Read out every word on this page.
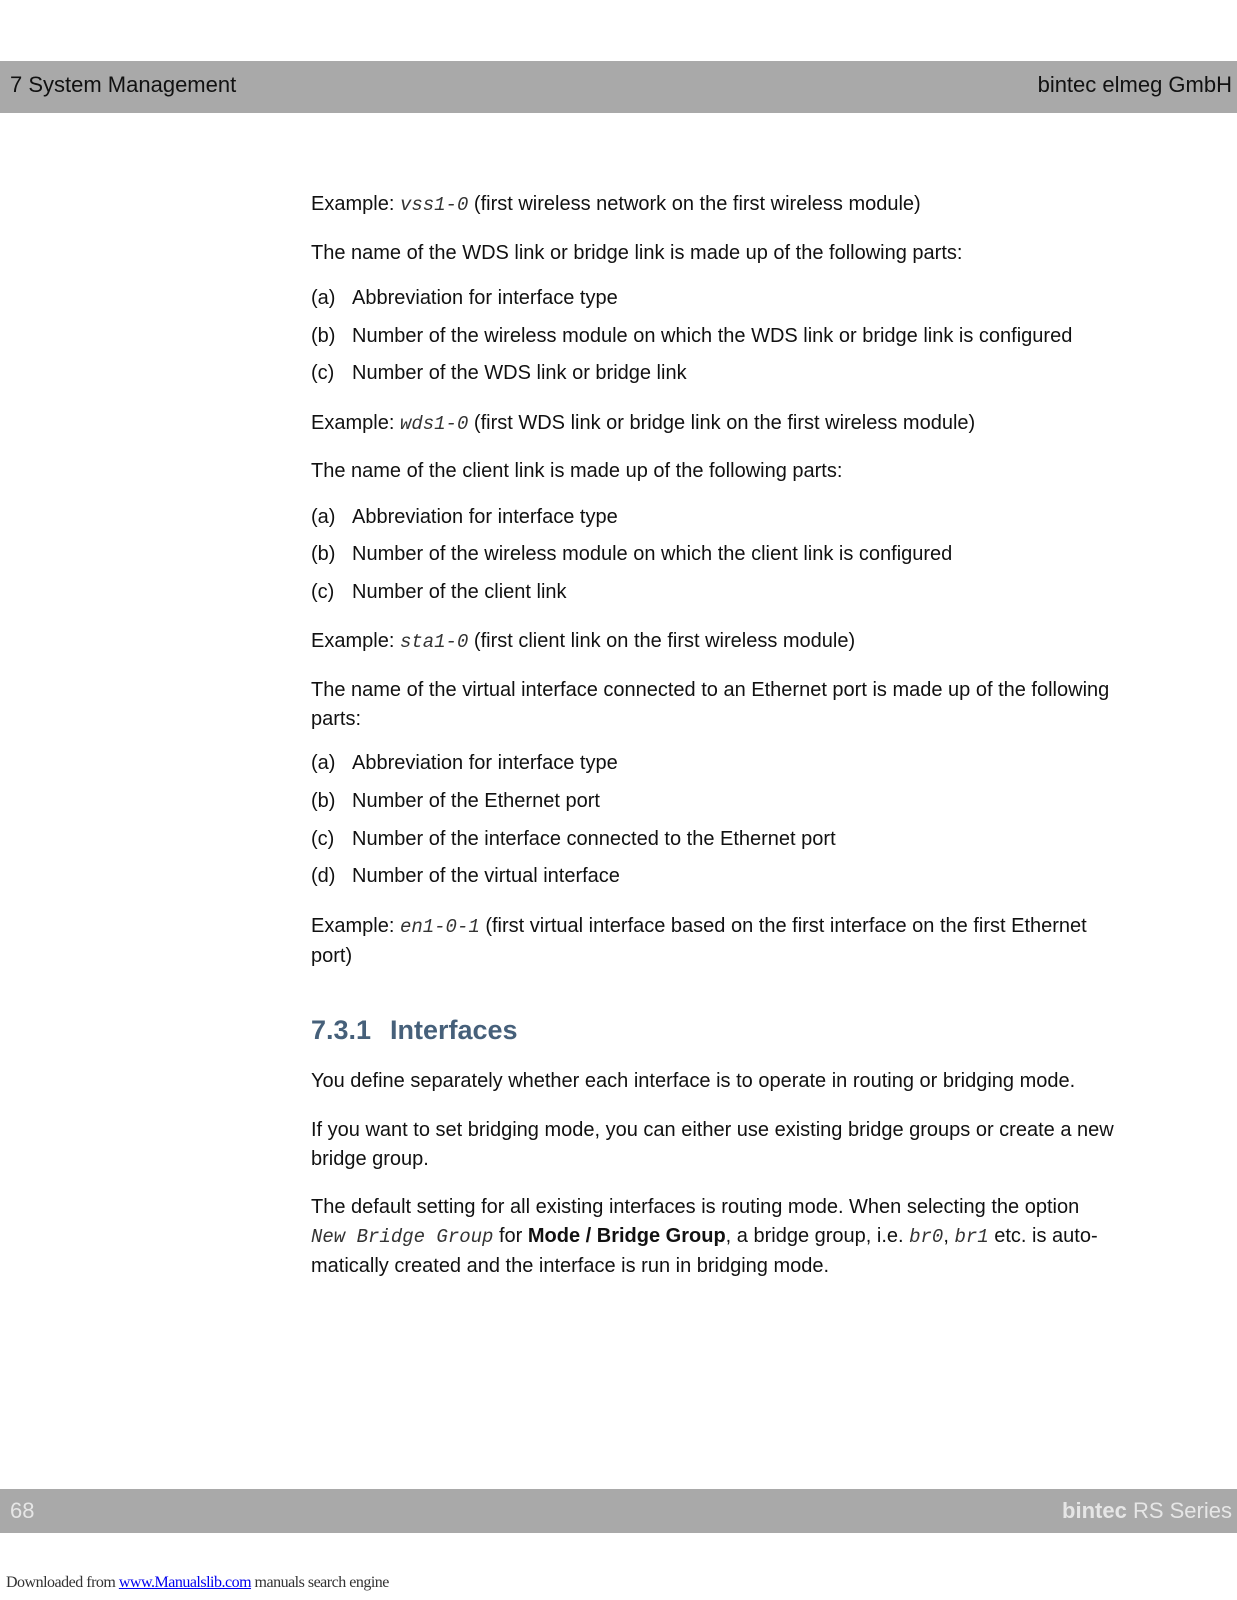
7 System Management	bintec elmeg GmbH
Example: vss1-0 (first wireless network on the first wireless module)
The name of the WDS link or bridge link is made up of the following parts:
(a) Abbreviation for interface type
(b) Number of the wireless module on which the WDS link or bridge link is configured
(c) Number of the WDS link or bridge link
Example: wds1-0 (first WDS link or bridge link on the first wireless module)
The name of the client link is made up of the following parts:
(a) Abbreviation for interface type
(b) Number of the wireless module on which the client link is configured
(c) Number of the client link
Example: sta1-0 (first client link on the first wireless module)
The name of the virtual interface connected to an Ethernet port is made up of the following
parts:
(a) Abbreviation for interface type
(b) Number of the Ethernet port
(c) Number of the interface connected to the Ethernet port
(d) Number of the virtual interface
Example: en1-0-1 (first virtual interface based on the first interface on the first Ethernet
port)
7.3.1 Interfaces
You define separately whether each interface is to operate in routing or bridging mode.
If you want to set bridging mode, you can either use existing bridge groups or create a new
bridge group.
The default setting for all existing interfaces is routing mode. When selecting the option
New Bridge Group for Mode / Bridge Group, a bridge group, i.e. br0, br1 etc. is auto-
matically created and the interface is run in bridging mode.
68	bintec RS Series
Downloaded from www.Manualslib.com manuals search engine
